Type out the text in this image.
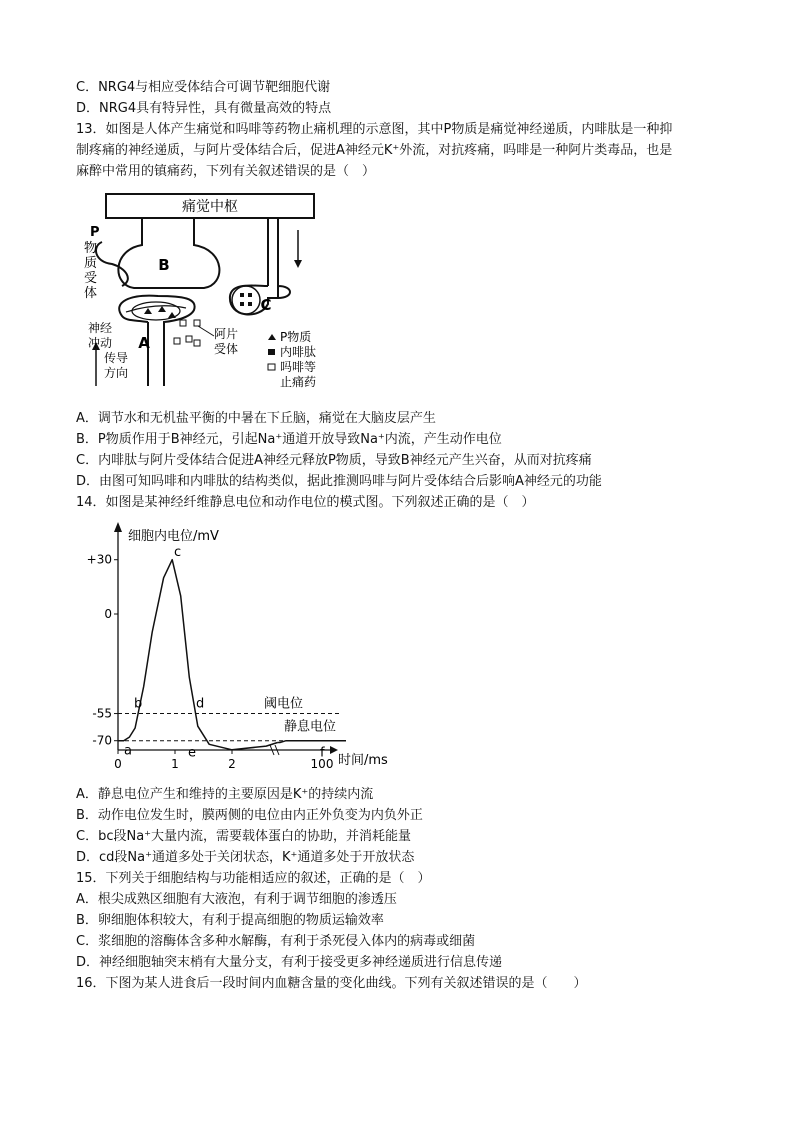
C．NRG4与相应受体结合可调节靶细胞代谢
D．NRG4具有特异性，具有微量高效的特点
13．如图是人体产生痛觉和吗啡等药物止痛机理的示意图，其中P物质是痛觉神经递质，内啡肽是一种抑
制疼痛的神经递质，与阿片受体结合后，促进A神经元K⁺外流，对抗疼痛，吗啡是一种阿片类毒品，也是
麻醉中常用的镇痛药，下列有关叙述错误的是（　）
痛觉中枢
B
A
C
P
物
质
受
体
神经
冲动
传导
方向
阿片
受体
P物质
内啡肽
吗啡等
止痛药
A．调节水和无机盐平衡的中暑在下丘脑，痛觉在大脑皮层产生
B．P物质作用于B神经元，引起Na⁺通道开放导致Na⁺内流，产生动作电位
C．内啡肽与阿片受体结合促进A神经元释放P物质，导致B神经元产生兴奋，从而对抗疼痛
D．由图可知吗啡和内啡肽的结构类似，据此推测吗啡与阿片受体结合后影响A神经元的功能
14．如图是某神经纤维静息电位和动作电位的模式图。下列叙述正确的是（　）
细胞内电位/mV
时间/ms
+30
0
-55
-70
0	1	2	100
阈电位
静息电位
a
b
c
d
e	f
A．静息电位产生和维持的主要原因是K⁺的持续内流
B．动作电位发生时，膜两侧的电位由内正外负变为内负外正
C．bc段Na⁺大量内流，需要载体蛋白的协助，并消耗能量
D．cd段Na⁺通道多处于关闭状态，K⁺通道多处于开放状态
15．下列关于细胞结构与功能相适应的叙述，正确的是（　）
A．根尖成熟区细胞有大液泡，有利于调节细胞的渗透压
B．卵细胞体积较大，有利于提高细胞的物质运输效率
C．浆细胞的溶酶体含多种水解酶，有利于杀死侵入体内的病毒或细菌
D．神经细胞轴突末梢有大量分支，有利于接受更多神经递质进行信息传递
16．下图为某人进食后一段时间内血糖含量的变化曲线。下列有关叙述错误的是（　　）
